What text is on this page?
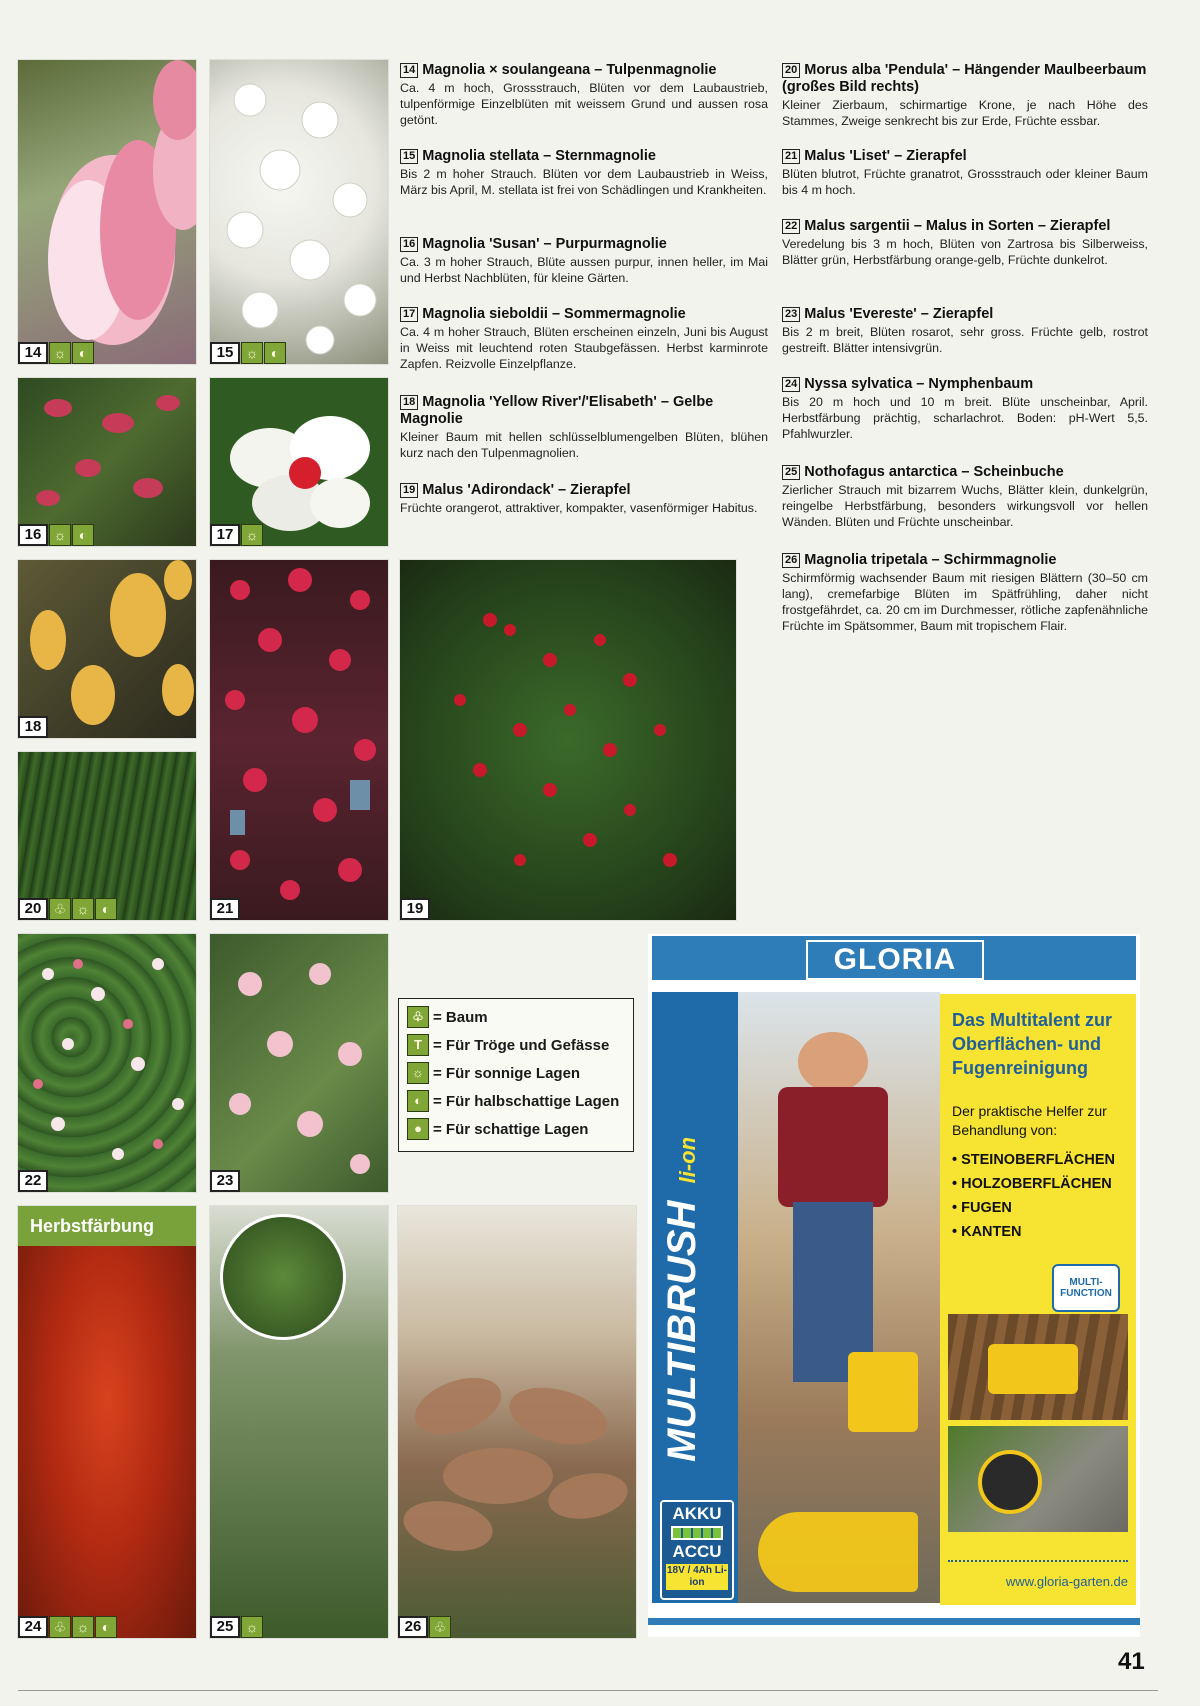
14 ☼ ◐	15 ☼ ◐
16 ☼ ◐	17 ☼
18
20 ♧ ☼ ◐	21	19
22	23
Herbstfärbung
24 ♧ ☼ ◐	25 ☼	26 ♧
14 Magnolia × soulangeana – Tulpenmagnolie
Ca. 4 m hoch, Grossstrauch, Blüten vor dem Laubaustrieb, tulpenförmige Einzelblüten mit weissem Grund und aussen rosa getönt.
15 Magnolia stellata – Sternmagnolie
Bis 2 m hoher Strauch. Blüten vor dem Laubaustrieb in Weiss, März bis April, M. stellata ist frei von Schädlingen und Krankheiten.
16 Magnolia 'Susan' – Purpurmagnolie
Ca. 3 m hoher Strauch, Blüte aussen purpur, innen heller, im Mai und Herbst Nachblüten, für kleine Gärten.
17 Magnolia sieboldii – Sommermagnolie
Ca. 4 m hoher Strauch, Blüten erscheinen einzeln, Juni bis August in Weiss mit leuchtend roten Staubgefässen. Herbst karminrote Zapfen. Reizvolle Einzelpflanze.
18 Magnolia 'Yellow River'/'Elisabeth' – Gelbe Magnolie
Kleiner Baum mit hellen schlüsselblumengelben Blüten, blühen kurz nach den Tulpenmagnolien.
19 Malus 'Adirondack' – Zierapfel
Früchte orangerot, attraktiver, kompakter, vasenförmiger Habitus.
20 Morus alba 'Pendula' – Hängender Maulbeerbaum (großes Bild rechts)
Kleiner Zierbaum, schirmartige Krone, je nach Höhe des Stammes, Zweige senkrecht bis zur Erde, Früchte essbar.
21 Malus 'Liset' – Zierapfel
Blüten blutrot, Früchte granatrot, Grossstrauch oder kleiner Baum bis 4 m hoch.
22 Malus sargentii – Malus in Sorten – Zierapfel
Veredelung bis 3 m hoch, Blüten von Zartrosa bis Silberweiss, Blätter grün, Herbstfärbung orange-gelb, Früchte dunkelrot.
23 Malus 'Evereste' – Zierapfel
Bis 2 m breit, Blüten rosarot, sehr gross. Früchte gelb, rostrot gestreift. Blätter intensivgrün.
24 Nyssa sylvatica – Nymphenbaum
Bis 20 m hoch und 10 m breit. Blüte unscheinbar, April. Herbstfärbung prächtig, scharlachrot. Boden: pH-Wert 5,5. Pfahlwurzler.
25 Nothofagus antarctica – Scheinbuche
Zierlicher Strauch mit bizarrem Wuchs, Blätter klein, dunkelgrün, reingelbe Herbstfärbung, besonders wirkungsvoll vor hellen Wänden. Blüten und Früchte unscheinbar.
26 Magnolia tripetala – Schirmmagnolie
Schirmförmig wachsender Baum mit riesigen Blättern (30–50 cm lang), cremefarbige Blüten im Spätfrühling, daher nicht frostgefährdet, ca. 20 cm im Durchmesser, rötliche zapfenähnliche Früchte im Spätsommer, Baum mit tropischem Flair.
♧ = Baum
T = Für Tröge und Gefässe
☼ = Für sonnige Lagen
◐ = Für halbschattige Lagen
● = Für schattige Lagen
GLORIA
MULTIBRUSH li-on
AKKU
ACCU
18V / 4Ah Li-ion
Das Multitalent zur Oberflächen- und Fugenreinigung
Der praktische Helfer zur Behandlung von:
• STEINOBERFLÄCHEN
• HOLZOBERFLÄCHEN
• FUGEN
• KANTEN
MULTI-FUNCTION
www.gloria-garten.de
41
